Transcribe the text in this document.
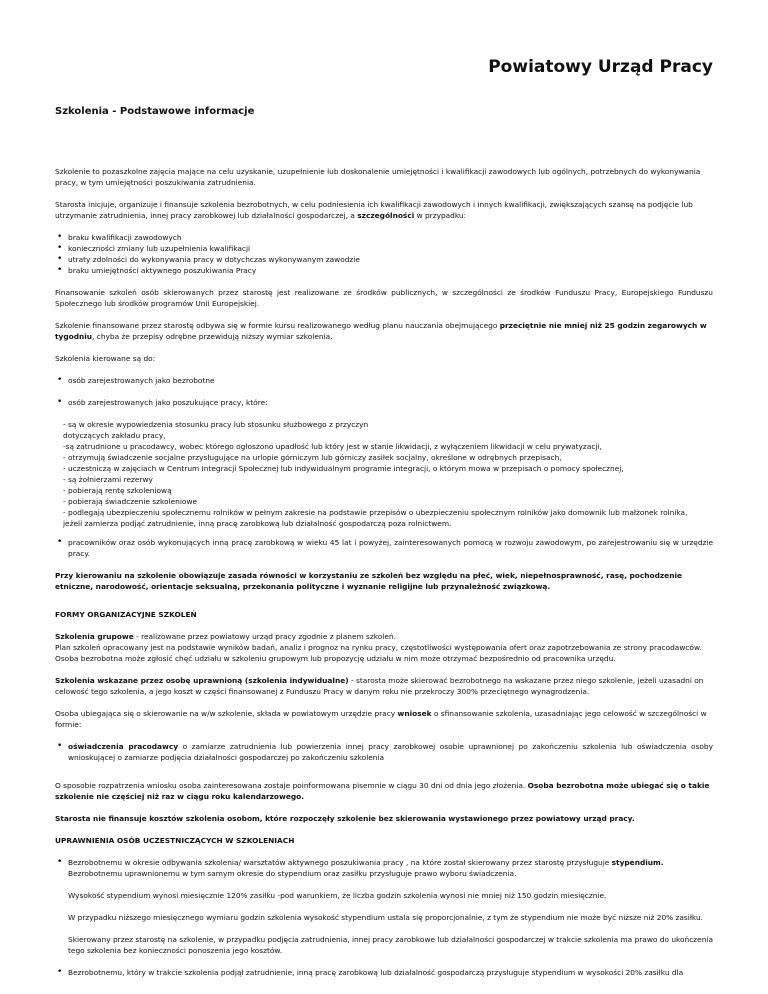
Powiatowy Urząd Pracy
Szkolenia - Podstawowe informacje

Szkolenie to pozaszkolne zajęcia mające na celu uzyskanie, uzupełnienie lub doskonalenie umiejętności i kwalifikacji zawodowych lub ogólnych, potrzebnych do wykonywania pracy, w tym umiejętności poszukiwania zatrudnienia.

Starosta inicjuje, organizuje i finansuje szkolenia bezrobotnych, w celu podniesienia ich kwalifikacji zawodowych i innych kwalifikacji, zwiększających szansę na podjęcie lub utrzymanie zatrudnienia, innej pracy zarobkowej lub działalności gospodarczej, a szczególności w przypadku:

• braku kwalifikacji zawodowych
• konieczności zmiany lub uzupełnienia kwalifikacji
• utraty zdolności do wykonywania pracy w dotychczas wykonywanym zawodzie
• braku umiejętności aktywnego poszukiwania Pracy

Finansowanie szkoleń osób skierowanych przez starostę jest realizowane ze środków publicznych, w szczególności ze środków Funduszu Pracy, Europejskiego Funduszu Społecznego lub środków programów Unii Europejskiej.

Szkolenie finansowane przez starostę odbywa się w formie kursu realizowanego według planu nauczania obejmującego przeciętnie nie mniej niż 25 godzin zegarowych w tygodniu, chyba że przepisy odrębne przewidują niższy wymiar szkolenia.

Szkolenia kierowane są do:

• osób zarejestrowanych jako bezrobotne
• osób zarejestrowanych jako poszukujące pracy, które:
- są w okresie wypowiedzenia stosunku pracy lub stosunku służbowego z przyczyn
dotyczących zakładu pracy,
-są zatrudnione u pracodawcy, wobec którego ogłoszono upadłość lub który jest w stanie likwidacji, z wyłączeniem likwidacji w celu prywatyzacji,
- otrzymują świadczenie socjalne przysługujące na urlopie górniczym lub górniczy zasiłek socjalny, określone w odrębnych przepisach,
- uczestniczą w zajęciach w Centrum Integracji Społecznej lub indywidualnym programie integracji, o którym mowa w przepisach o pomocy społecznej,
- są żołnierzami rezerwy
- pobierają rentę szkoleniową
- pobierają świadczenie szkoleniowe
- podlegają ubezpieczeniu społecznemu rolników w pełnym zakresie na podstawie przepisów o ubezpieczeniu społecznym rolników jako domownik lub małżonek rolnika,
jeżeli zamierza podjąć zatrudnienie, inną pracę zarobkową lub działalność gospodarczą poza rolnictwem.
• pracowników oraz osób wykonujących inną pracę zarobkową w wieku 45 lat i powyżej, zainteresowanych pomocą w rozwoju zawodowym, po zarejestrowaniu się w urzędzie pracy.

Przy kierowaniu na szkolenie obowiązuje zasada równości w korzystaniu ze szkoleń bez względu na płeć, wiek, niepełnosprawność, rasę, pochodzenie etniczne, narodowość, orientacje seksualną, przekonania polityczne i wyznanie religijne lub przynależność związkową.

FORMY ORGANIZACYJNE SZKOLEŃ

Szkolenia grupowe - realizowane przez powiatowy urząd pracy zgodnie z planem szkoleń.
Plan szkoleń opracowany jest na podstawie wyników badań, analiz i prognoz na rynku pracy, częstotliwości występowania ofert oraz zapotrzebowania ze strony pracodawców.
Osoba bezrobotna może zgłosić chęć udziału w szkoleniu grupowym lub propozycję udziału w nim może otrzymać bezpośrednio od pracownika urzędu.

Szkolenia wskazane przez osobę uprawnioną (szkolenia indywidualne) - starosta może skierować bezrobotnego na wskazane przez niego szkolenie, jeżeli uzasadni on celowość tego szkolenia, a jego koszt w części finansowanej z Funduszu Pracy w danym roku nie przekroczy 300% przeciętnego wynagrodzenia.

Osoba ubiegająca się o skierowanie na w/w szkolenie, składa w powiatowym urzędzie pracy wniosek o sfinansowanie szkolenia, uzasadniając jego celowość w szczególności w formie:

• oświadczenia pracodawcy o zamiarze zatrudnienia lub powierzenia innej pracy zarobkowej osobie uprawnionej po zakończeniu szkolenia lub oświadczenia osoby wnioskującej o zamiarze podjęcia działalności gospodarczej po zakończeniu szkolenia

O sposobie rozpatrzenia wniosku osoba zainteresowana zostaje poinformowana pisemnie w ciągu 30 dni od dnia jego złożenia. Osoba bezrobotna może ubiegać się o takie szkolenie nie częściej niż raz w ciągu roku kalendarzowego.

Starosta nie finansuje kosztów szkolenia osobom, które rozpoczęły szkolenie bez skierowania wystawionego przez powiatowy urząd pracy.

UPRAWNIENIA OSÓB UCZESTNICZĄCYCH W SZKOLENIACH

• Bezrobotnemu w okresie odbywania szkolenia/ warsztatów aktywnego poszukiwania pracy , na które został skierowany przez starostę przysługuje stypendium.
Bezrobotnemu uprawnionemu w tym samym okresie do stypendium oraz zasiłku przysługuje prawo wyboru świadczenia.

Wysokość stypendium wynosi miesięcznie 120% zasiłku -pod warunkiem, że liczba godzin szkolenia wynosi nie mniej niż 150 godzin miesięcznie.

W przypadku niższego miesięcznego wymiaru godzin szkolenia wysokość stypendium ustala się proporcjonalnie, z tym że stypendium nie może być niższe niż 20% zasiłku.

Skierowany przez starostę na szkolenie, w przypadku podjęcia zatrudnienia, innej pracy zarobkowe lub działalności gospodarczej w trakcie szkolenia ma prawo do ukończenia tego szkolenia bez konieczności ponoszenia jego kosztów.

• Bezrobotnemu, który w trakcie szkolenia podjął zatrudnienie, inną pracę zarobkową lub działalność gospodarczą przysługuje stypendium w wysokości 20% zasiłku dla
